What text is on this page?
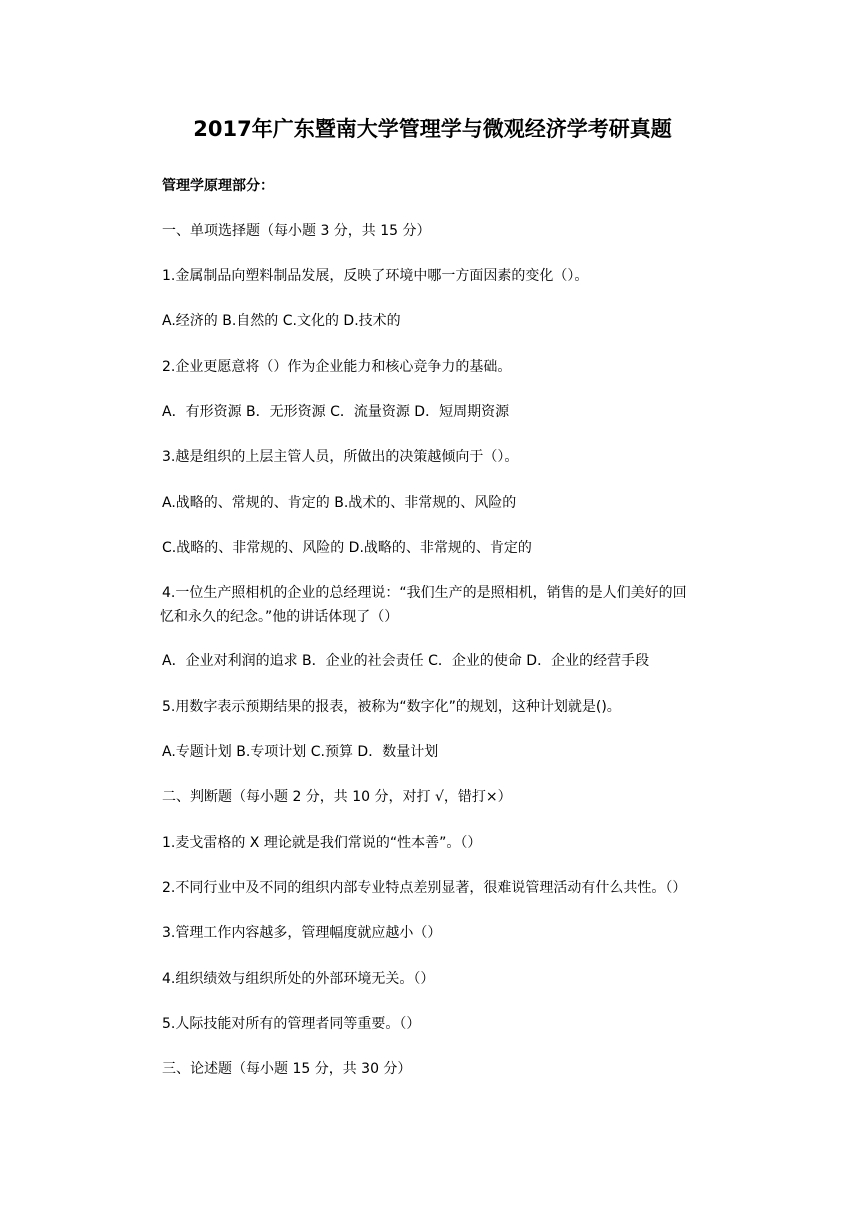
2017年广东暨南大学管理学与微观经济学考研真题

管理学原理部分：

一、单项选择题（每小题 3 分，共 15 分）

1.金属制品向塑料制品发展，反映了环境中哪一方面因素的变化（）。

A.经济的 B.自然的 C.文化的 D.技术的

2.企业更愿意将（）作为企业能力和核心竞争力的基础。

A．有形资源 B．无形资源 C．流量资源 D．短周期资源

3.越是组织的上层主管人员，所做出的决策越倾向于（）。

A.战略的、常规的、肯定的 B.战术的、非常规的、风险的

C.战略的、非常规的、风险的 D.战略的、非常规的、肯定的

4.一位生产照相机的企业的总经理说：“我们生产的是照相机，销售的是人们美好的回
忆和永久的纪念。”他的讲话体现了（）

A．企业对利润的追求 B．企业的社会责任 C．企业的使命 D．企业的经营手段

5.用数字表示预期结果的报表，被称为“数字化”的规划，这种计划就是()。

A.专题计划 B.专项计划 C.预算 D．数量计划

二、判断题（每小题 2 分，共 10 分，对打 √，错打×）

1.麦戈雷格的 X 理论就是我们常说的“性本善”。（）

2.不同行业中及不同的组织内部专业特点差别显著，很难说管理活动有什么共性。（）

3.管理工作内容越多，管理幅度就应越小（）

4.组织绩效与组织所处的外部环境无关。（）

5.人际技能对所有的管理者同等重要。（）

三、论述题（每小题 15 分，共 30 分）
